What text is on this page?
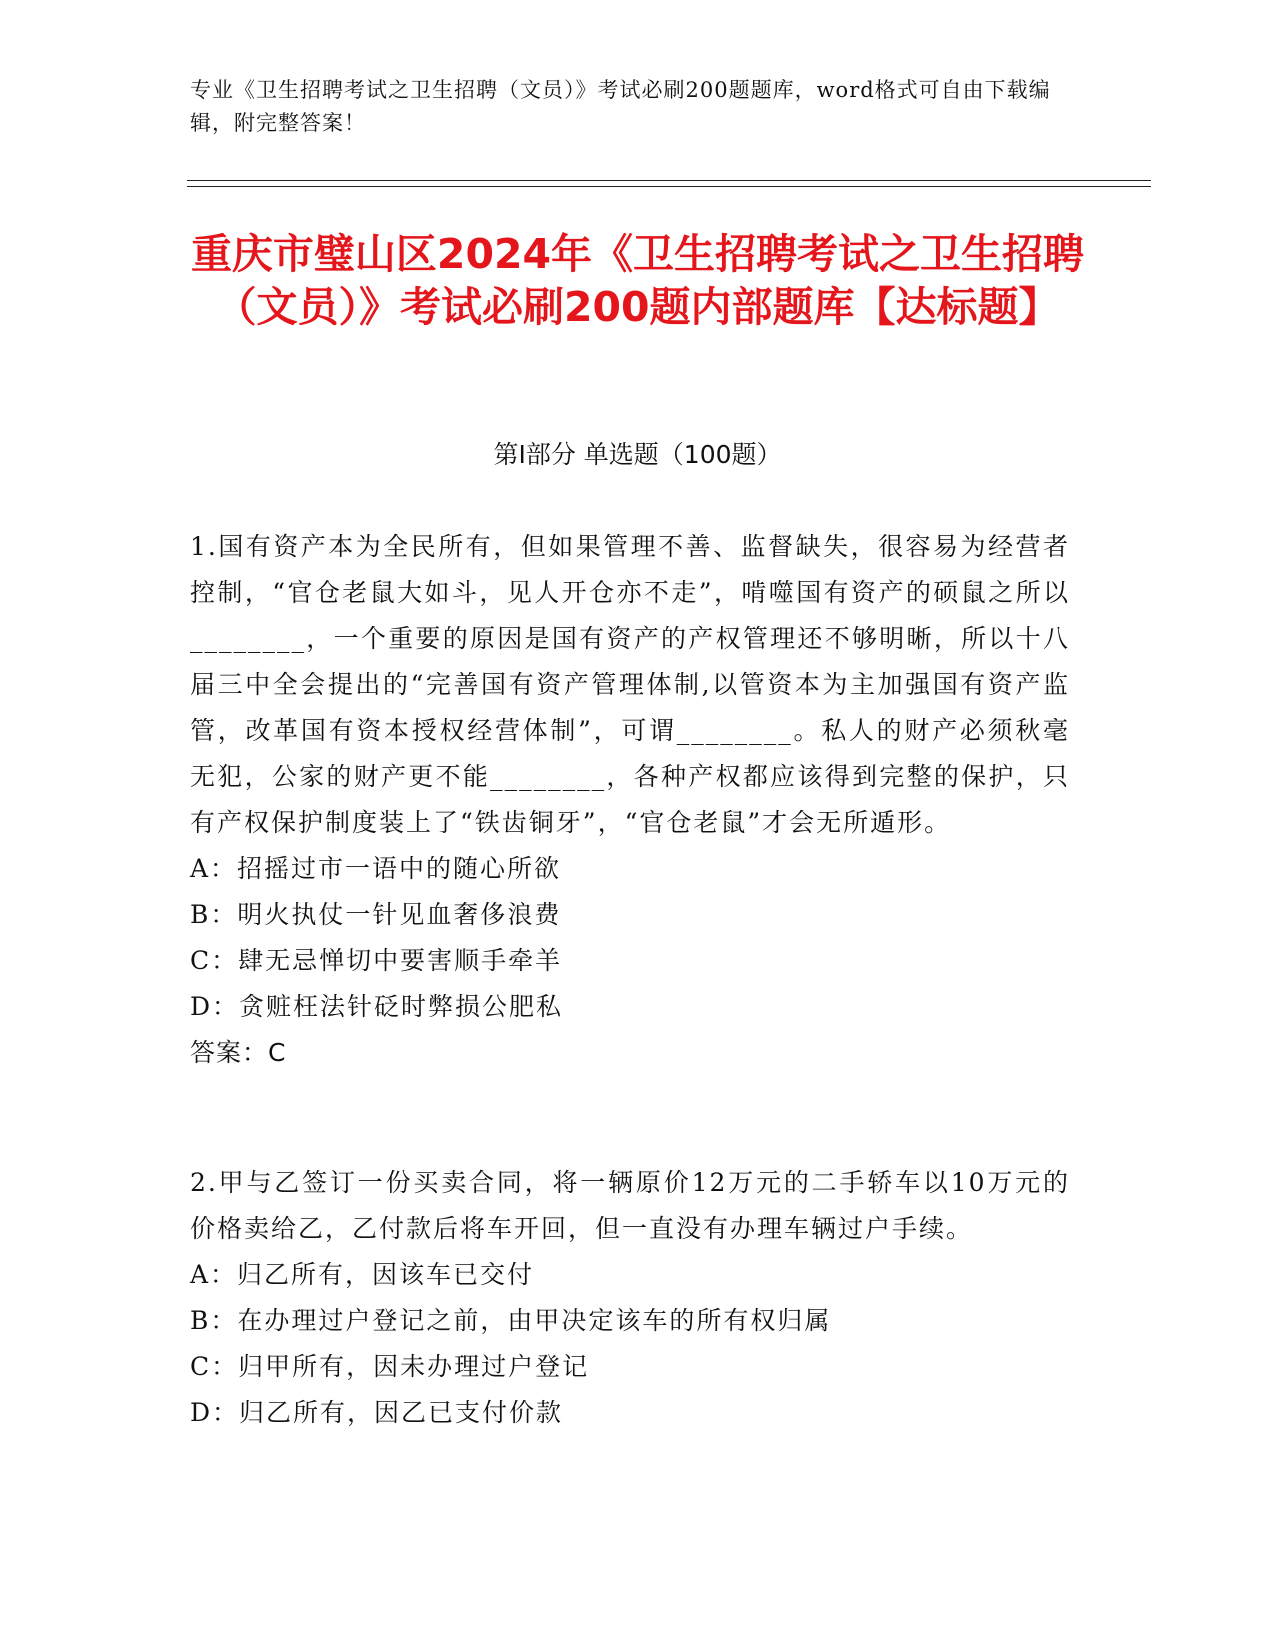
专业《卫生招聘考试之卫生招聘（文员）》考试必刷200题题库，word格式可自由下载编辑，附完整答案！
重庆市璧山区2024年《卫生招聘考试之卫生招聘（文员）》考试必刷200题内部题库【达标题】
第I部分 单选题（100题）

1.国有资产本为全民所有，但如果管理不善、监督缺失，很容易为经营者控制，“官仓老鼠大如斗，见人开仓亦不走”，啃噬国有资产的硕鼠之所以________，一个重要的原因是国有资产的产权管理还不够明晰，所以十八届三中全会提出的“完善国有资产管理体制,以管资本为主加强国有资产监管，改革国有资本授权经营体制”，可谓________。私人的财产必须秋毫无犯，公家的财产更不能________，各种产权都应该得到完整的保护，只有产权保护制度装上了“铁齿铜牙”，“官仓老鼠”才会无所遁形。

A：招摇过市一语中的随心所欲

B：明火执仗一针见血奢侈浪费

C：肆无忌惮切中要害顺手牵羊

D：贪赃枉法针砭时弊损公肥私

答案：C

2.甲与乙签订一份买卖合同，将一辆原价12万元的二手轿车以10万元的价格卖给乙，乙付款后将车开回，但一直没有办理车辆过户手续。

A：归乙所有，因该车已交付

B：在办理过户登记之前，由甲决定该车的所有权归属

C：归甲所有，因未办理过户登记

D：归乙所有，因乙已支付价款
